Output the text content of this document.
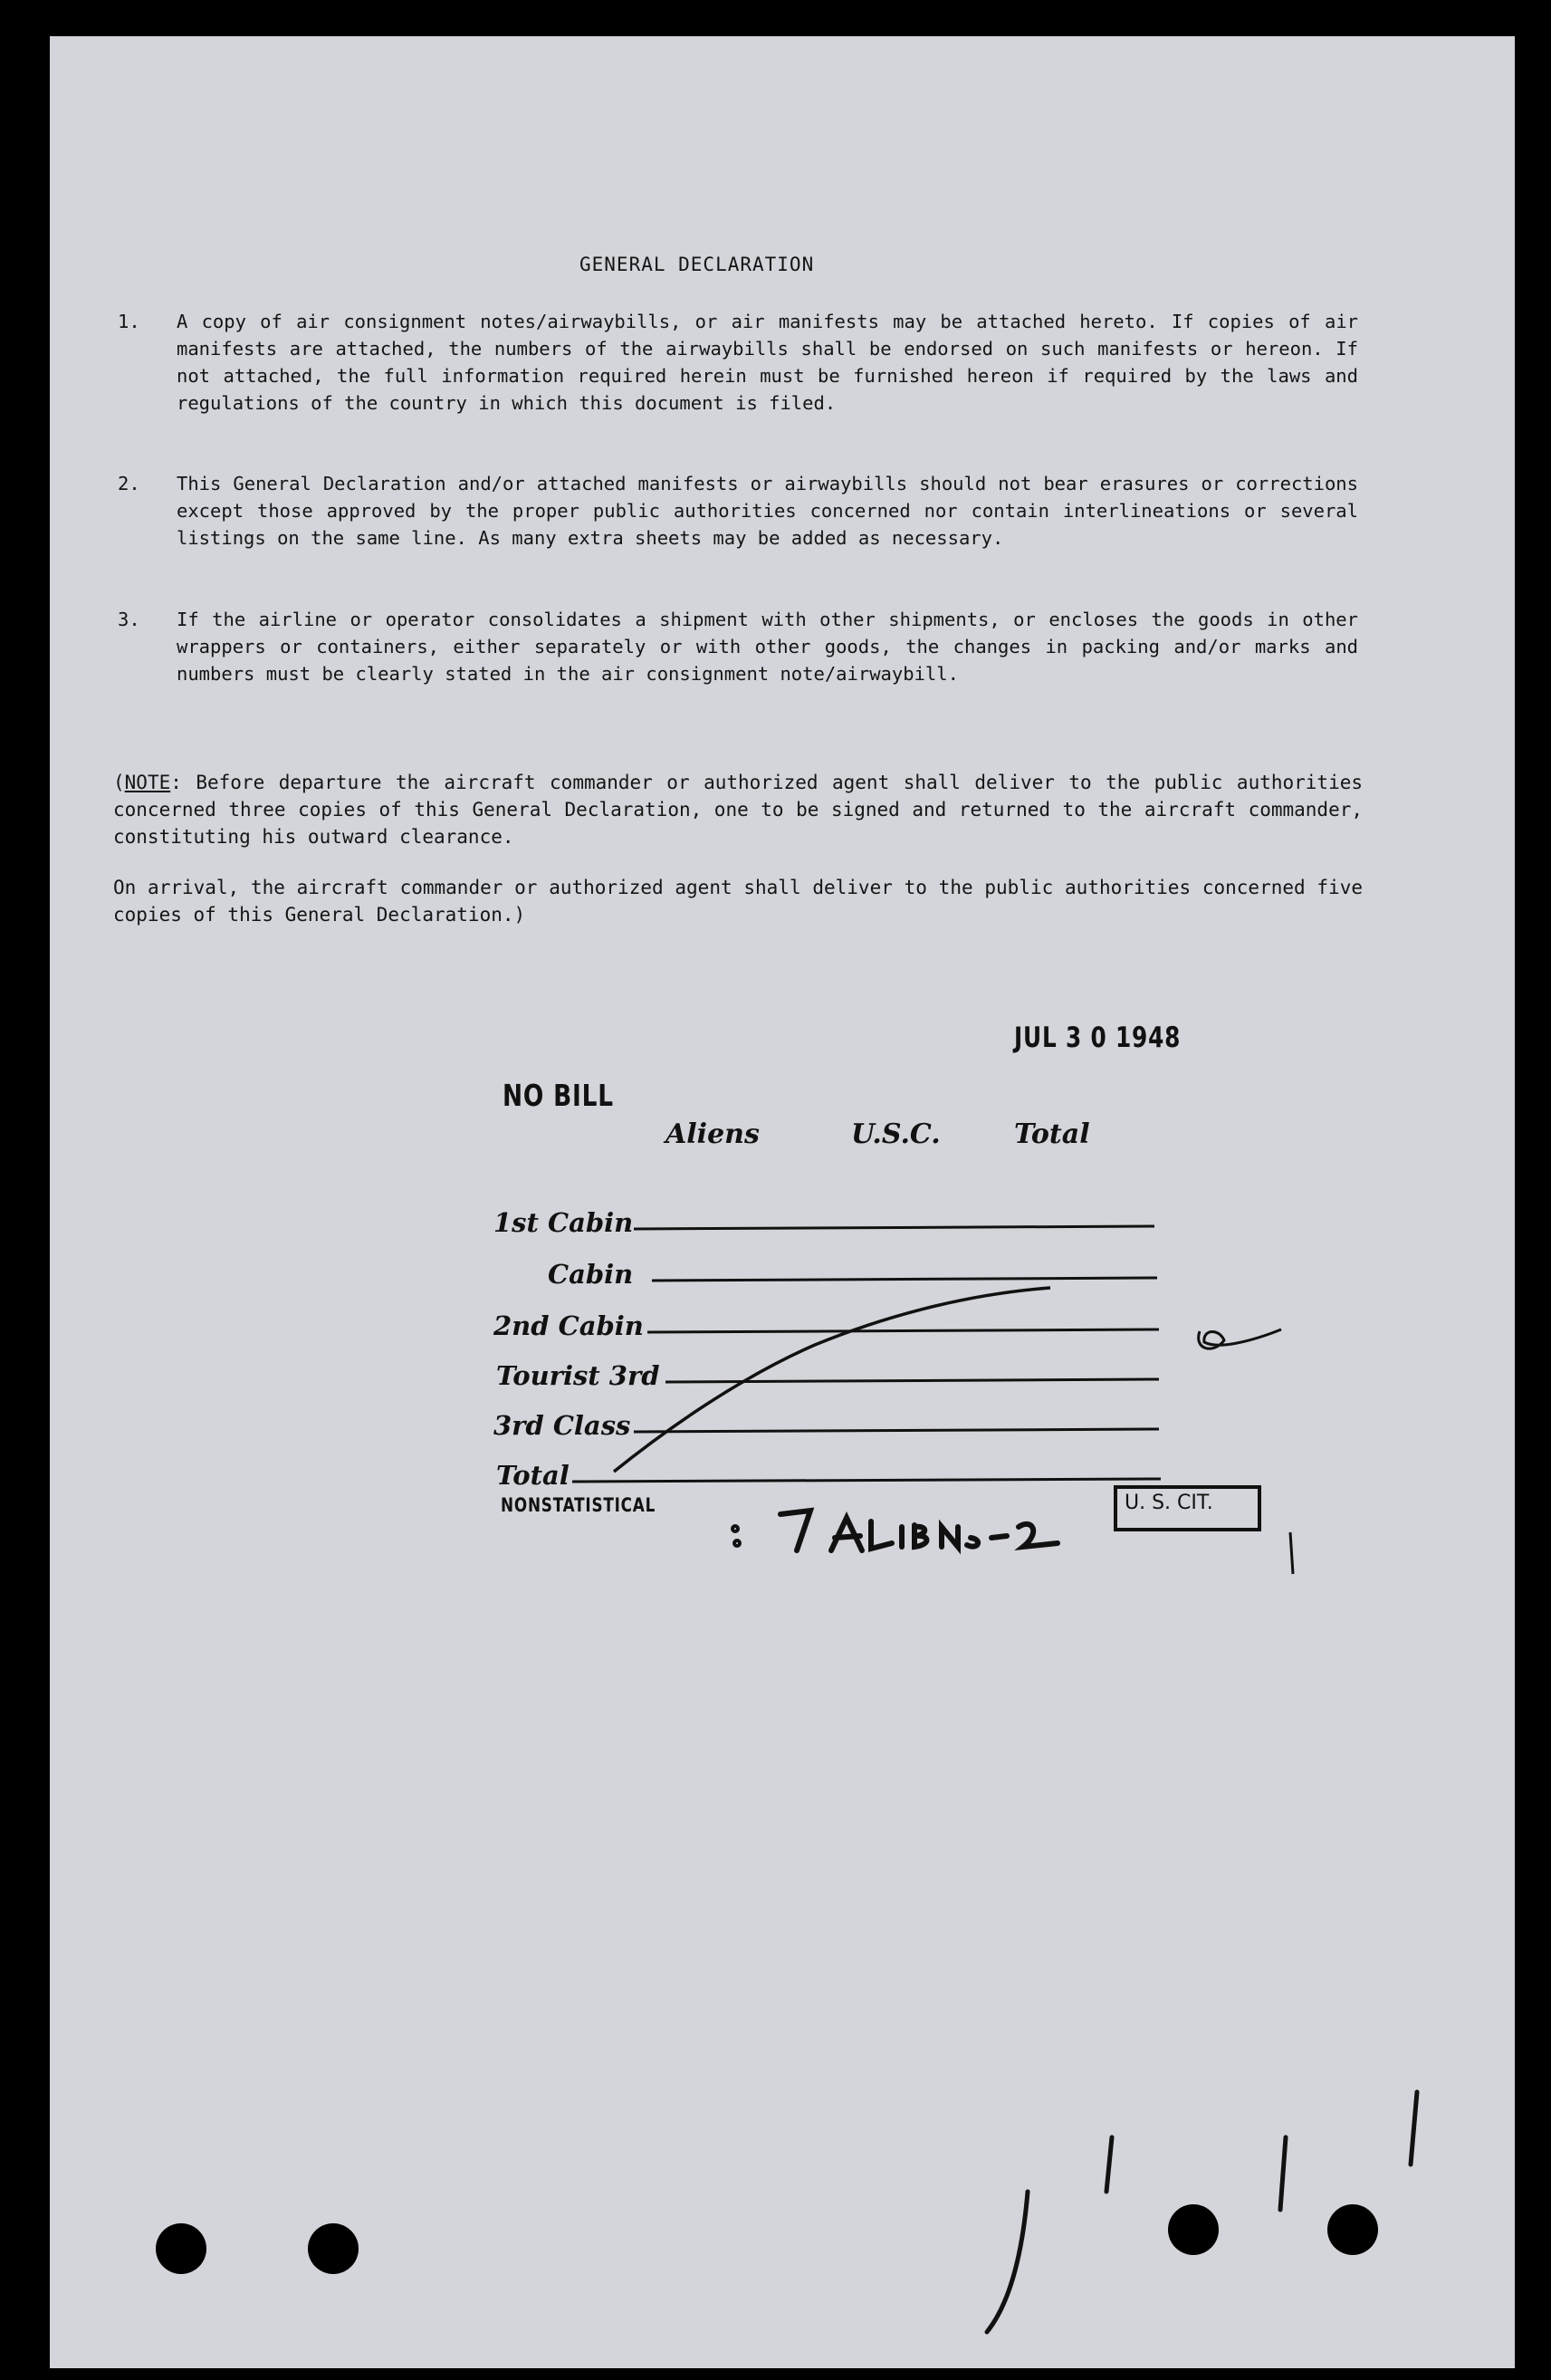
GENERAL DECLARATION
1. A copy of air consignment notes/airwaybills, or air manifests may be attached hereto. If copies of air manifests are attached, the numbers of the airwaybills shall be endorsed on such manifests or hereon. If not attached, the full information required herein must be furnished hereon if required by the laws and regulations of the country in which this document is filed.
2. This General Declaration and/or attached manifests or airwaybills should not bear erasures or corrections except those approved by the proper public authorities concerned nor contain interlineations or several listings on the same line. As many extra sheets may be added as necessary.
3. If the airline or operator consolidates a shipment with other shipments, or encloses the goods in other wrappers or containers, either separately or with other goods, the changes in packing and/or marks and numbers must be clearly stated in the air consignment note/airwaybill.
(NOTE: Before departure the aircraft commander or authorized agent shall deliver to the public authorities concerned three copies of this General Declaration, one to be signed and returned to the aircraft commander, constituting his outward clearance.
On arrival, the aircraft commander or authorized agent shall deliver to the public authorities concerned five copies of this General Declaration.)
JUL 3 0 1948
NO BILL
Aliens	U.S.C.	Total
1st Cabin
Cabin
2nd Cabin
Tourist 3rd
3rd Class
Total
NONSTATISTICAL	U. S. CIT.
